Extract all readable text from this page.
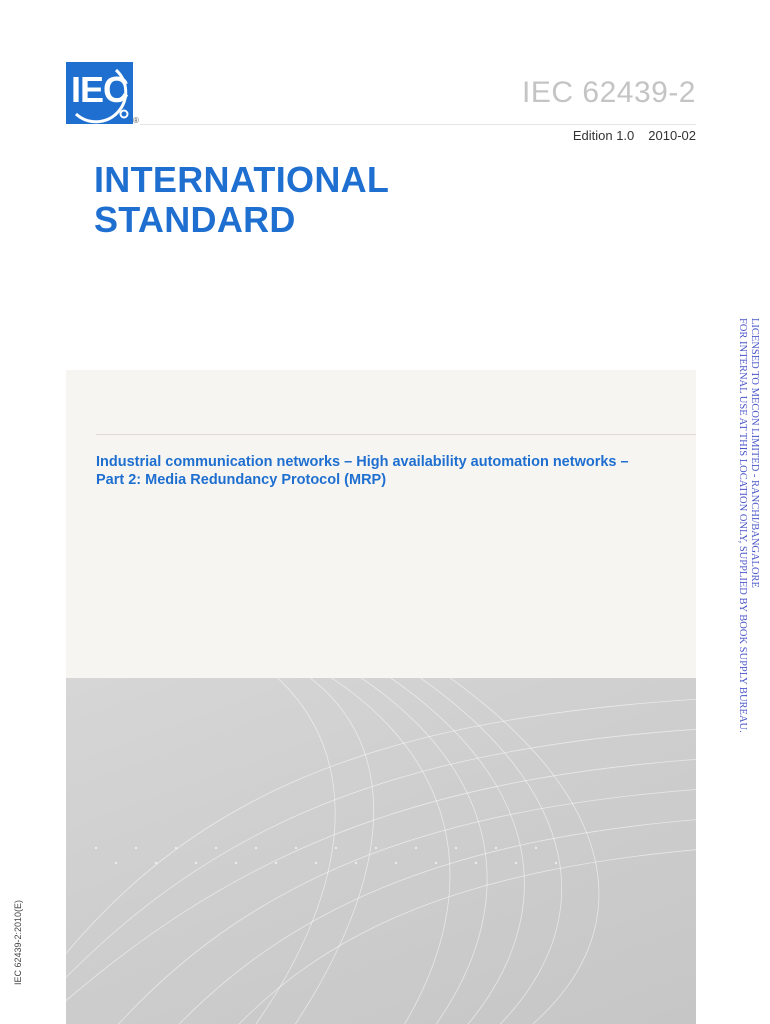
IEC
®
IEC 62439-2
Edition 1.0 2010-02
INTERNATIONAL
STANDARD
Industrial communication networks – High availability automation networks –
Part 2: Media Redundancy Protocol (MRP)
IEC 62439-2:2010(E)
LICENSED TO MECON LIMITED - RANCHI/BANGALORE
FOR INTERNAL USE AT THIS LOCATION ONLY, SUPPLIED BY BOOK SUPPLY BUREAU.
